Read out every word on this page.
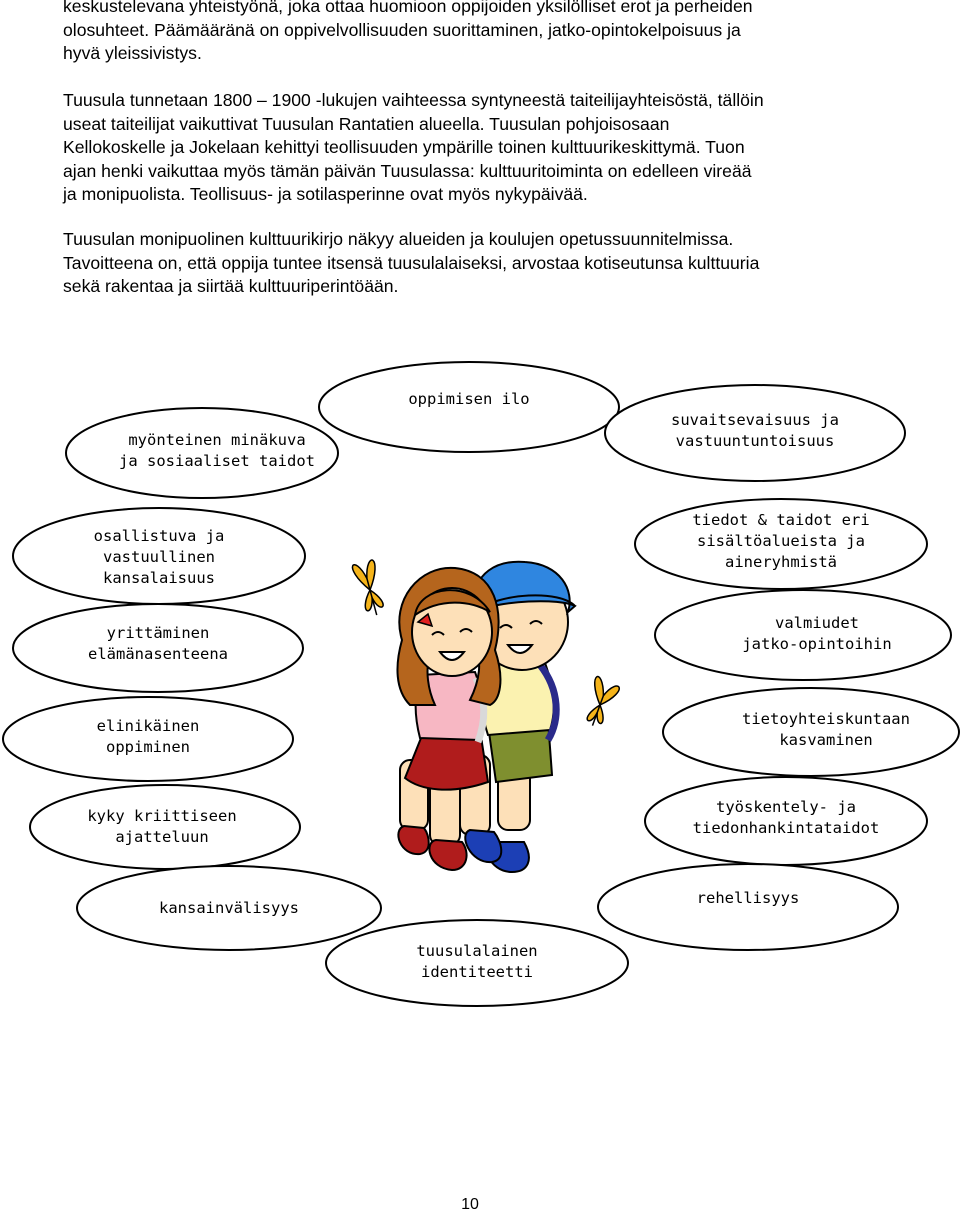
keskustelevana yhteistyönä, joka ottaa huomioon oppijoiden yksilölliset erot ja perheiden
olosuhteet. Päämääränä on oppivelvollisuuden suorittaminen, jatko-opintokelpoisuus ja
hyvä yleissivistys.

Tuusula tunnetaan 1800 – 1900 -lukujen vaihteessa syntyneestä taiteilijayhteisöstä, tällöin
useat taiteilijat vaikuttivat Tuusulan Rantatien alueella. Tuusulan pohjoisosaan
Kellokoskelle ja Jokelaan kehittyi teollisuuden ympärille toinen kulttuurikeskittymä. Tuon
ajan henki vaikuttaa myös tämän päivän Tuusulassa: kulttuuritoiminta on edelleen vireää
ja monipuolista. Teollisuus- ja sotilasperinne ovat myös nykypäivää.

Tuusulan monipuolinen kulttuurikirjo näkyy alueiden ja koulujen opetussuunnitelmissa.
Tavoitteena on, että oppija tuntee itsensä tuusulalaiseksi, arvostaa kotiseutunsa kulttuuria
sekä rakentaa ja siirtää kulttuuriperintöään.

oppimisen ilo
myönteinen minäkuva ja sosiaaliset taidot
suvaitsevaisuus ja vastuuntuntoisuus
osallistuva ja vastuullinen kansalaisuus
tiedot & taidot eri sisältöalueista ja aineryhmistä
yrittäminen elämänasenteena
valmiudet jatko-opintoihin
elinikäinen oppiminen
tietoyhteiskuntaan kasvaminen
kyky kriittiseen ajatteluun
työskentely- ja tiedonhankintataidot
kansainvälisyys
rehellisyys
tuusulalainen identiteetti
10
